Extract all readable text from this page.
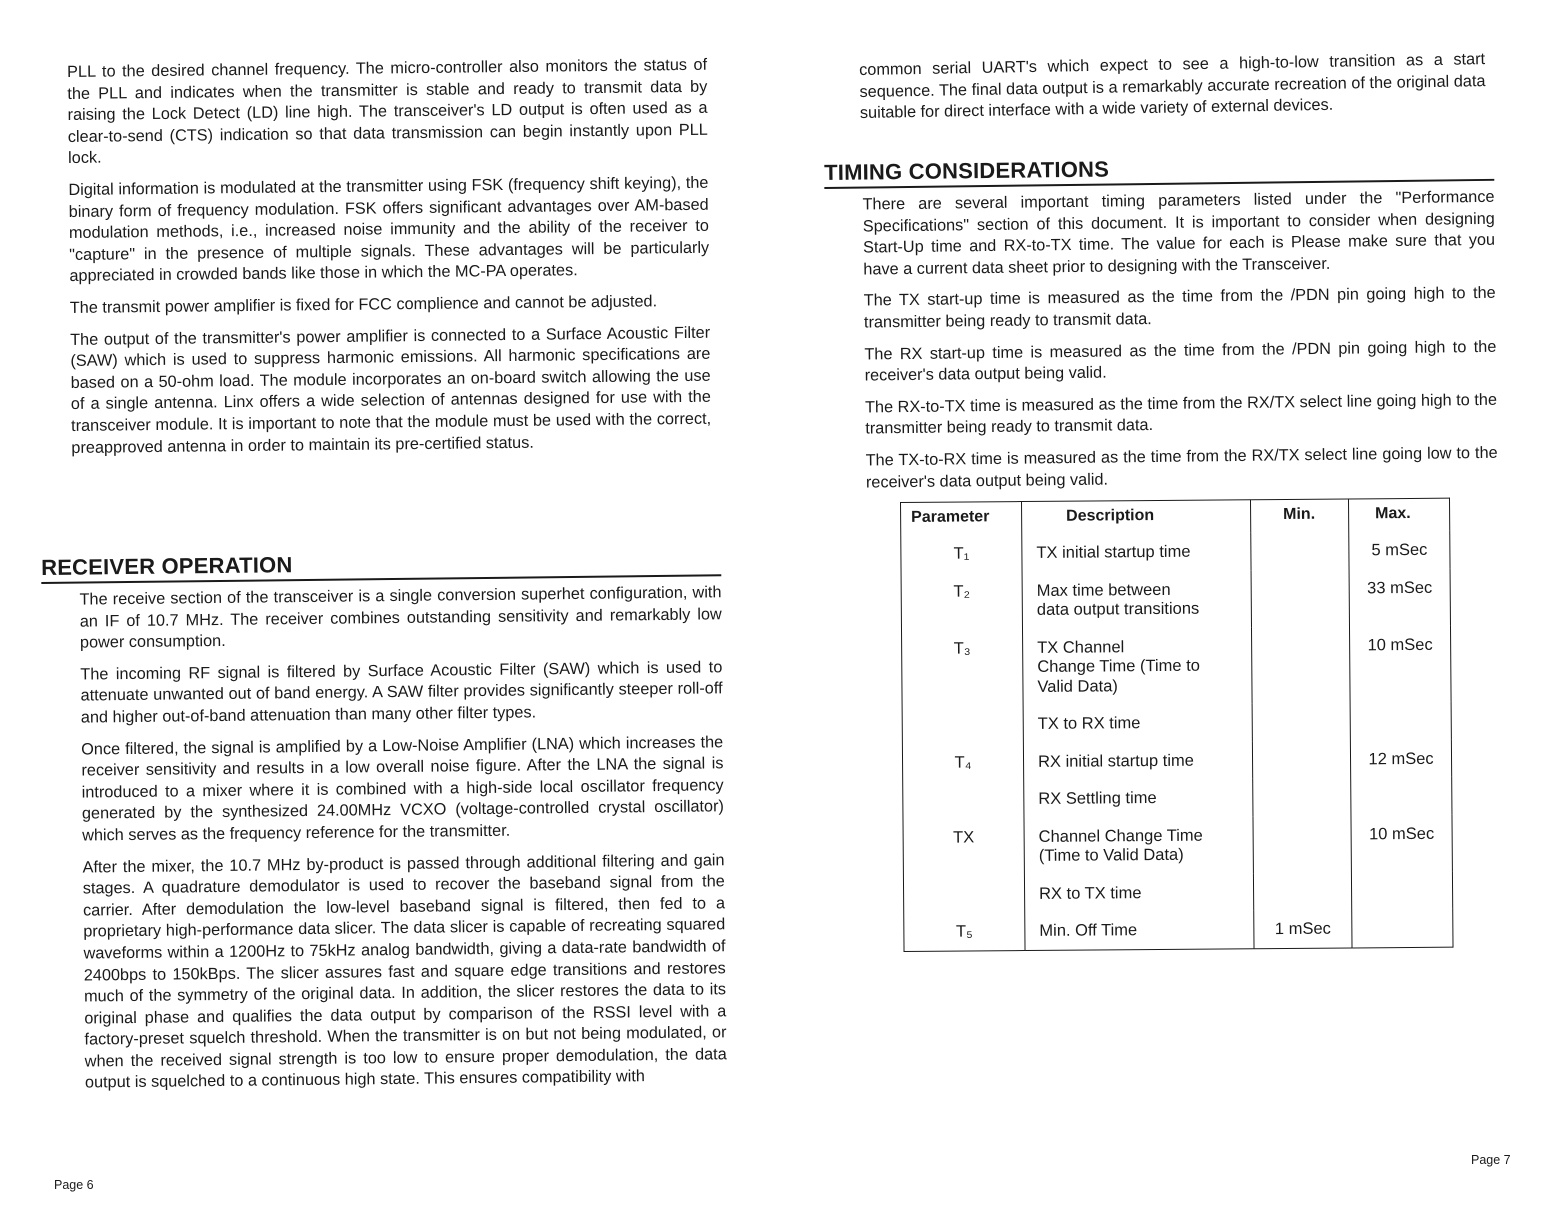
PLL to the desired channel frequency. The micro-controller also monitors the status of the PLL and indicates when the transmitter is stable and ready to transmit data by raising the Lock Detect (LD) line high. The transceiver's LD output is often used as a clear-to-send (CTS) indication so that data transmission can begin instantly upon PLL lock.

Digital information is modulated at the transmitter using FSK (frequency shift keying), the binary form of frequency modulation. FSK offers significant advantages over AM-based modulation methods, i.e., increased noise immunity and the ability of the receiver to "capture" in the presence of multiple signals. These advantages will be particularly appreciated in crowded bands like those in which the MC-PA operates.

The transmit power amplifier is fixed for FCC complience and cannot be adjusted.

The output of the transmitter's power amplifier is connected to a Surface Acoustic Filter (SAW) which is used to suppress harmonic emissions. All harmonic specifications are based on a 50-ohm load. The module incorporates an on-board switch allowing the use of a single antenna. Linx offers a wide selection of antennas designed for use with the transceiver module. It is important to note that the module must be used with the correct, preapproved antenna in order to maintain its pre-certified status.

RECEIVER OPERATION

The receive section of the transceiver is a single conversion superhet configuration, with an IF of 10.7 MHz. The receiver combines outstanding sensitivity and remarkably low power consumption.

The incoming RF signal is filtered by Surface Acoustic Filter (SAW) which is used to attenuate unwanted out of band energy. A SAW filter provides significantly steeper roll-off and higher out-of-band attenuation than many other filter types.

Once filtered, the signal is amplified by a Low-Noise Amplifier (LNA) which increases the receiver sensitivity and results in a low overall noise figure. After the LNA the signal is introduced to a mixer where it is combined with a high-side local oscillator frequency generated by the synthesized 24.00MHz VCXO (voltage-controlled crystal oscillator) which serves as the frequency reference for the transmitter.

After the mixer, the 10.7 MHz by-product is passed through additional filtering and gain stages. A quadrature demodulator is used to recover the baseband signal from the carrier. After demodulation the low-level baseband signal is filtered, then fed to a proprietary high-performance data slicer. The data slicer is capable of recreating squared waveforms within a 1200Hz to 75kHz analog bandwidth, giving a data-rate bandwidth of 2400bps to 150kBps. The slicer assures fast and square edge transitions and restores much of the symmetry of the original data. In addition, the slicer restores the data to its original phase and qualifies the data output by comparison of the RSSI level with a factory-preset squelch threshold. When the transmitter is on but not being modulated, or when the received signal strength is too low to ensure proper demodulation, the data output is squelched to a continuous high state. This ensures compatibility with

Page 6

common serial UART's which expect to see a high-to-low transition as a start sequence. The final data output is a remarkably accurate recreation of the original data suitable for direct interface with a wide variety of external devices.

TIMING CONSIDERATIONS

There are several important timing parameters listed under the "Performance Specifications" section of this document. It is important to consider when designing Start-Up time and RX-to-TX time. The value for each is Please make sure that you have a current data sheet prior to designing with the Transceiver.

The TX start-up time is measured as the time from the /PDN pin going high to the transmitter being ready to transmit data.

The RX start-up time is measured as the time from the /PDN pin going high to the receiver's data output being valid.

The RX-to-TX time is measured as the time from the RX/TX select line going high to the transmitter being ready to transmit data.

The TX-to-RX time is measured as the time from the RX/TX select line going low to the receiver's data output being valid.

Parameter	Description	Min.	Max.
T₁	TX initial startup time		5 mSec
T₂	Max time between
data output transitions		33 mSec
T₃	TX Channel
Change Time (Time to
Valid Data)		10 mSec

	TX to RX time		

T₄	RX initial startup time		12 mSec

	RX Settling time		

TX	Channel Change Time
(Time to Valid Data)		10 mSec

	RX to TX time		

T₅	Min. Off Time	1 mSec	
Page 7
